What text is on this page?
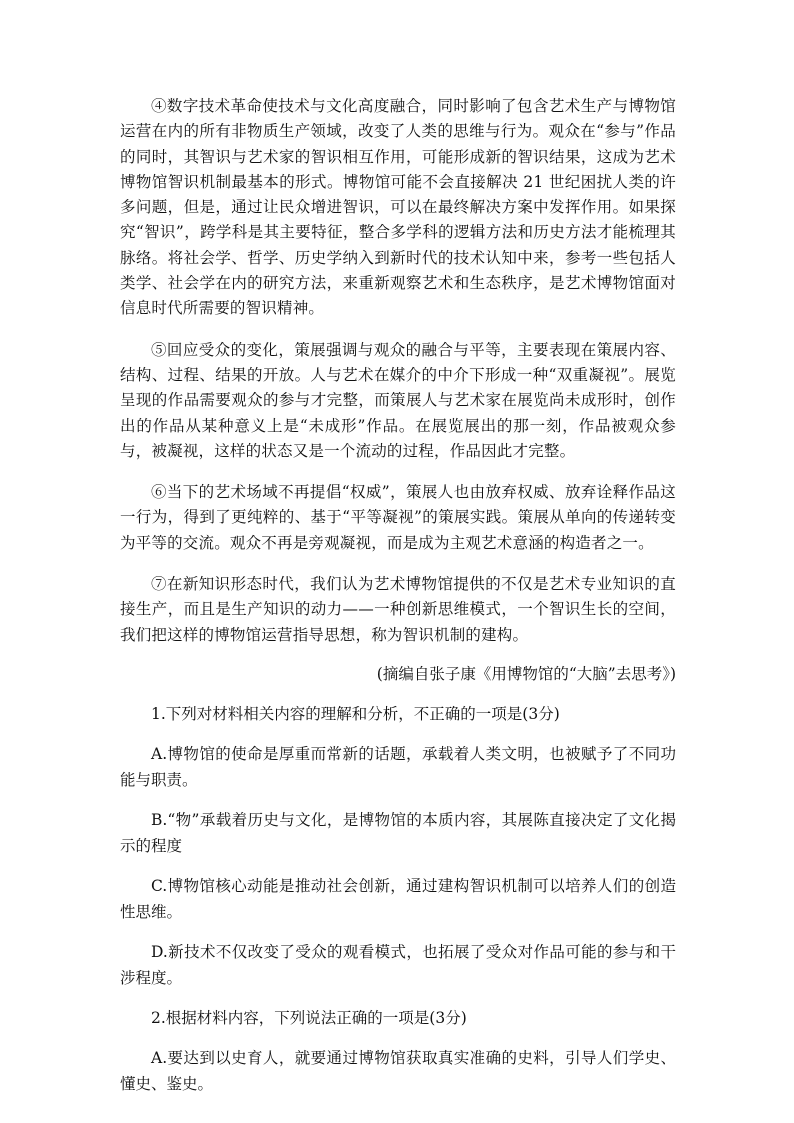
④数字技术革命使技术与文化高度融合，同时影响了包含艺术生产与博物馆运营在内的所有非物质生产领域，改变了人类的思维与行为。观众在“参与”作品的同时，其智识与艺术家的智识相互作用，可能形成新的智识结果，这成为艺术博物馆智识机制最基本的形式。博物馆可能不会直接解决 21 世纪困扰人类的许多问题，但是，通过让民众增进智识，可以在最终解决方案中发挥作用。如果探究“智识”，跨学科是其主要特征，整合多学科的逻辑方法和历史方法才能梳理其脉络。将社会学、哲学、历史学纳入到新时代的技术认知中来，参考一些包括人类学、社会学在内的研究方法，来重新观察艺术和生态秩序，是艺术博物馆面对信息时代所需要的智识精神。

⑤回应受众的变化，策展强调与观众的融合与平等，主要表现在策展内容、结构、过程、结果的开放。人与艺术在媒介的中介下形成一种“双重凝视”。展览呈现的作品需要观众的参与才完整，而策展人与艺术家在展览尚未成形时，创作出的作品从某种意义上是“未成形”作品。在展览展出的那一刻，作品被观众参与，被凝视，这样的状态又是一个流动的过程，作品因此才完整。

⑥当下的艺术场域不再提倡“权威”，策展人也由放弃权威、放弃诠释作品这一行为，得到了更纯粹的、基于“平等凝视”的策展实践。策展从单向的传递转变为平等的交流。观众不再是旁观凝视，而是成为主观艺术意涵的构造者之一。

⑦在新知识形态时代，我们认为艺术博物馆提供的不仅是艺术专业知识的直接生产，而且是生产知识的动力——一种创新思维模式，一个智识生长的空间，我们把这样的博物馆运营指导思想，称为智识机制的建构。

(摘编自张子康《用博物馆的“大脑”去思考》)

1.下列对材料相关内容的理解和分析，不正确的一项是(3分)

A.博物馆的使命是厚重而常新的话题，承载着人类文明，也被赋予了不同功能与职责。

B.“物”承载着历史与文化，是博物馆的本质内容，其展陈直接决定了文化揭示的程度

C.博物馆核心动能是推动社会创新，通过建构智识机制可以培养人们的创造性思维。

D.新技术不仅改变了受众的观看模式，也拓展了受众对作品可能的参与和干涉程度。

2.根据材料内容，下列说法正确的一项是(3分)

A.要达到以史育人，就要通过博物馆获取真实准确的史料，引导人们学史、懂史、鉴史。
